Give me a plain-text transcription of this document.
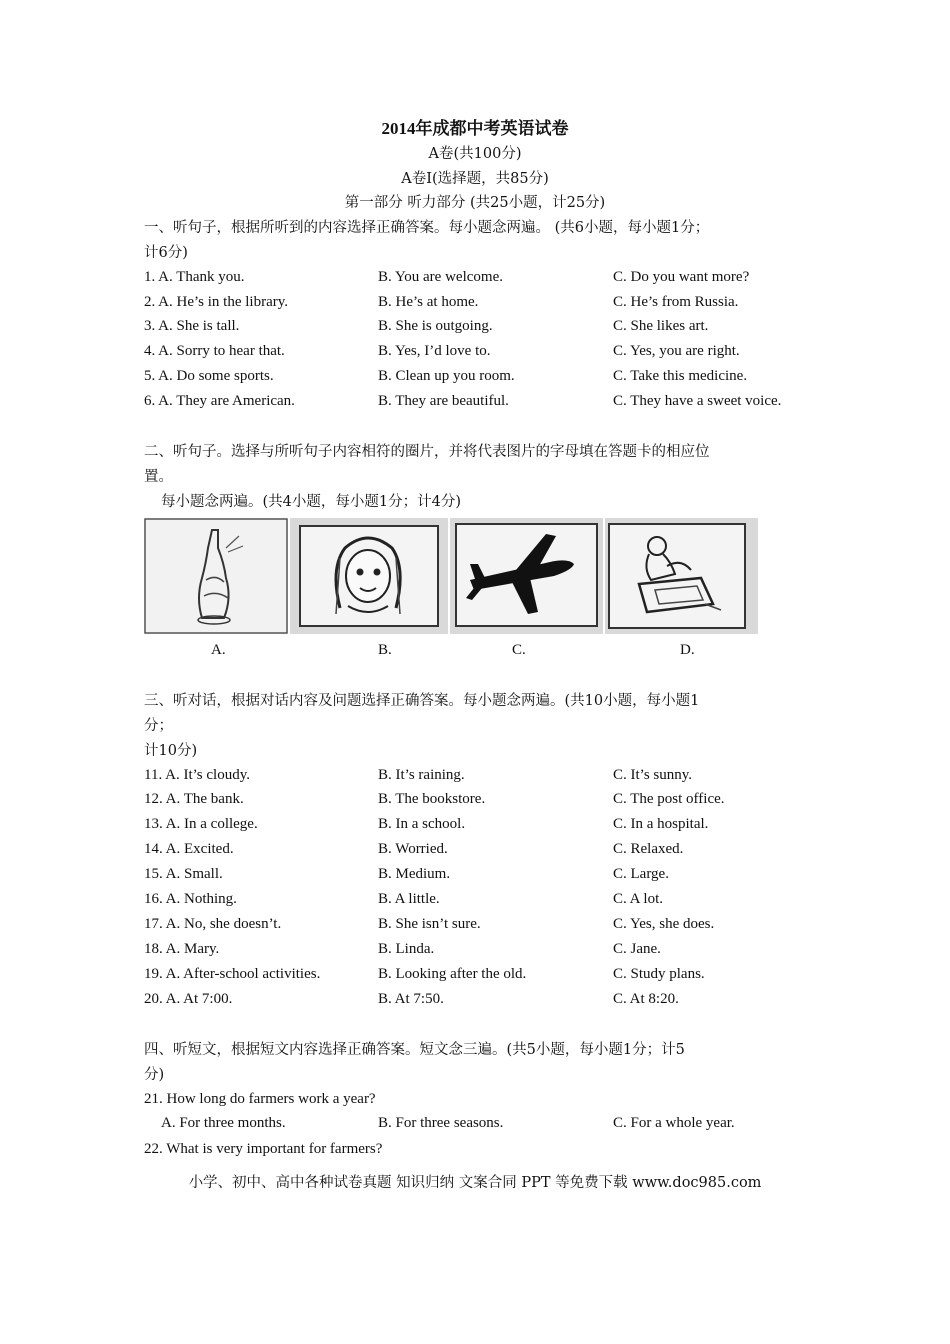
2014年成都中考英语试卷
A卷(共100分)
A卷Ⅰ(选择题，共85分)
第一部分 听力部分 (共25小题，计25分)
一、听句子，根据所听到的内容选择正确答案。每小题念两遍。 (共6小题，每小题1分；
计6分)
1. A. Thank you.	B. You are welcome.	C. Do you want more?
2. A. He’s in the library.	B. He’s at home.	C. He’s from Russia.
3. A. She is tall.	B. She is outgoing.	C. She likes art.
4. A. Sorry to hear that.	B. Yes, I’d love to.	C. Yes, you are right.
5. A. Do some sports.	B. Clean up you room.	C. Take this medicine.
6. A. They are American.	B. They are beautiful.	C. They have a sweet voice.
二、听句子。选择与所听句子内容相符的圈片，并将代表图片的字母填在答题卡的相应位
置。
每小题念两遍。(共4小题，每小题1分；计4分)
A.	B.	C.	D.
三、听对话，根据对话内容及问题选择正确答案。每小题念两遍。(共10小题，每小题1
分；
计10分)
11. A. It’s cloudy.	B. It’s raining.	C. It’s sunny.
12. A. The bank.	B. The bookstore.	C. The post office.
13. A. In a college.	B. In a school.	C. In a hospital.
14. A. Excited.	B. Worried.	C. Relaxed.
15. A. Small.	B. Medium.	C. Large.
16. A. Nothing.	B. A little.	C. A lot.
17. A. No, she doesn’t.	B. She isn’t sure.	C. Yes, she does.
18. A. Mary.	B. Linda.	C. Jane.
19. A. After-school activities.	B. Looking after the old.	C. Study plans.
20. A. At 7:00.	B. At 7:50.	C. At 8:20.
四、听短文，根据短文内容选择正确答案。短文念三遍。(共5小题，每小题1分；计5
分)
21. How long do farmers work a year?
A. For three months.	B. For three seasons.	C. For a whole year.
22. What is very important for farmers?
小学、初中、高中各种试卷真题 知识归纳 文案合同 PPT 等免费下载 www.doc985.com
